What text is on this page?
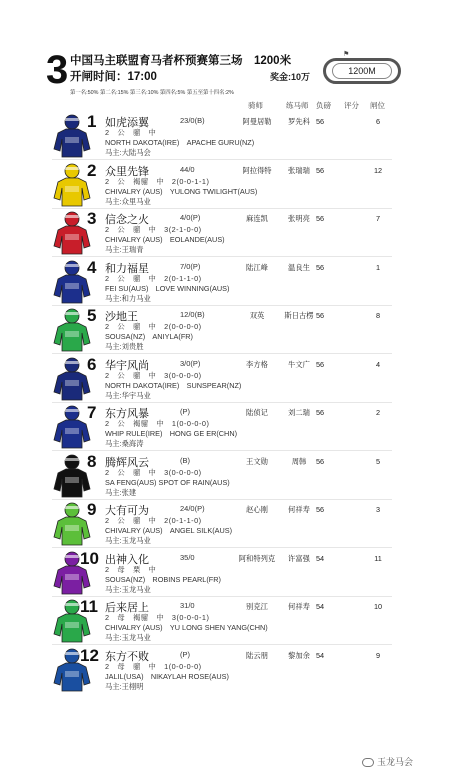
3 中国马主联盟育马者杯预赛第三场　1200米
开闸时间：17:00	奖金:10万
第一名:50% 第二名:15% 第三名:10% 第四名:5% 第五至第十四名:2%
⚑
1200M
骑师	练马师 负磅 评分 闸位
1 如虎添翼	23/0(B)
2　公　骝　中
NORTH DAKOTA(IRE)　APACHE GURU(NZ)
马主:大陆马会
阿曼居勒	罗先科 56	6
2 众里先锋	44/0
2　公　褐骝　中　2(0-0-1-1)
CHIVALRY (AUS)　YULONG TWILIGHT(AUS)
马主:众里马业
阿拉得特	张瑞瑞 56	12
3 信念之火	4/0(P)
2　公　骝　中　3(2-1-0-0)
CHIVALRY (AUS)　EOLANDE(AUS)
马主:王瑞青
麻连凯	张明亮 56	7
4 和力福星	7/0(P)
2　公　骝　中　2(0-1-1-0)
FEI SU(AUS)　LOVE WINNING(AUS)
马主:和力马业
陆江峰	温良生 56	1
5 沙地王	12/0(B)
2　公　骝　中　2(0-0-0-0)
SOUSA(NZ)　ANIYLA(FR)
马主:刘贵胜
双英	斯日古楞 56	8
6 华宇风尚	3/0(P)
2　公　骝　中　3(0-0-0-0)
NORTH DAKOTA(IRE)　SUNSPEAR(NZ)
马主:华宇马业
李方格	牛文广 56	4
7 东方风暴	(P)
2　公　褐骝　中　1(0-0-0-0)
WHIP RULE(IRE)　HONG GE ER(CHN)
马主:桑海涛
陆侦记	刘二瑞 56	2
8 腾辉风云	(B)
2　公　骝　中　3(0-0-0-0)
SA FENG(AUS) SPOT OF RAIN(AUS)
马主:张建
王文勋	周韩	56	5
9 大有可为	24/0(P)
2　公　骝　中　2(0-1-1-0)
CHIVALRY (AUS)　ANGEL SILK(AUS)
马主:玉龙马业
赵心刚	何祥寿 56	3
10 出神入化	35/0
2　母　栗　中
SOUSA(NZ)　ROBINS PEARL(FR)
马主:玉龙马业
阿和特列克	许富强 54	11
11 后来居上	31/0
2　母　褐骝　中　3(0-0-0-1)
CHIVALRY (AUS)　YU LONG SHEN YANG(CHN)
马主:玉龙马业
别克江	何祥寿 54	10
12 东方不败	(P)
2　母　骝　中　1(0-0-0-0)
JALIL(USA)　NIKAYLAH ROSE(AUS)
马主:王栩明
陆云朋	黎加余 54	9
玉龙马会
